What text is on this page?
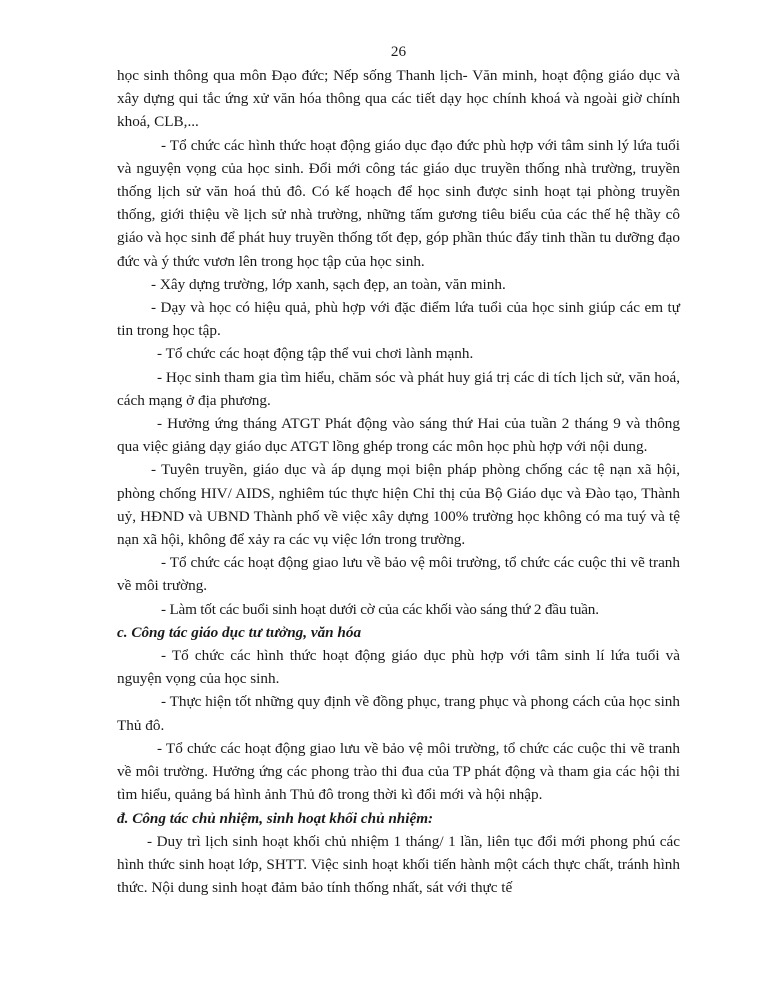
26

học sinh thông qua môn Đạo đức; Nếp sống Thanh lịch- Văn minh, hoạt động giáo dục và xây dựng qui tắc ứng xử văn hóa thông qua các tiết dạy học chính khoá và ngoài giờ chính khoá, CLB,...

- Tổ chức các hình thức hoạt động giáo dục đạo đức phù hợp với tâm sinh lý lứa tuổi và nguyện vọng của học sinh. Đổi mới công tác giáo dục truyền thống nhà trường, truyền thống lịch sử văn hoá thủ đô. Có kế hoạch để học sinh được sinh hoạt tại phòng truyền thống, giới thiệu về lịch sử nhà trường, những tấm gương tiêu biểu của các thế hệ thầy cô giáo và học sinh để phát huy truyền thống tốt đẹp, góp phần thúc đẩy tinh thần tu dưỡng đạo đức và ý thức vươn lên trong học tập của học sinh.

- Xây dựng trường, lớp xanh, sạch đẹp, an toàn, văn minh.

- Dạy và học có hiệu quả, phù hợp với đặc điểm lứa tuổi của học sinh giúp các em tự tin trong học tập.

- Tổ chức các hoạt động tập thể vui chơi lành mạnh.

- Học sinh tham gia tìm hiểu, chăm sóc và phát huy giá trị các di tích lịch sử, văn hoá, cách mạng ở địa phương.

- Hưởng ứng tháng ATGT Phát động vào sáng thứ Hai của tuần 2 tháng 9 và thông qua việc giảng dạy giáo dục ATGT lồng ghép trong các môn học phù hợp với nội dung.

- Tuyên truyền, giáo dục và áp dụng mọi biện pháp phòng chống các tệ nạn xã hội, phòng chống HIV/ AIDS, nghiêm túc thực hiện Chỉ thị của Bộ Giáo dục và Đào tạo, Thành uỷ, HĐND và UBND Thành phố về việc xây dựng 100% trường học không có ma tuý và tệ nạn xã hội, không để xảy ra các vụ việc lớn trong trường.

- Tổ chức các hoạt động giao lưu về bảo vệ môi trường, tổ chức các cuộc thi vẽ tranh về môi trường.

- Làm tốt các buổi sinh hoạt dưới cờ của các khối vào sáng thứ 2 đầu tuần.

c. Công tác giáo dục tư tưởng, văn hóa

- Tổ chức các hình thức hoạt động giáo dục phù hợp với tâm sinh lí lứa tuổi và nguyện vọng của học sinh.

- Thực hiện tốt những quy định về đồng phục, trang phục và phong cách của học sinh Thủ đô.

- Tổ chức các hoạt động giao lưu về bảo vệ môi trường, tổ chức các cuộc thi vẽ tranh về môi trường. Hưởng ứng các phong trào thi đua của TP phát động và tham gia các hội thi tìm hiểu, quảng bá hình ảnh Thủ đô trong thời kì đổi mới và hội nhập.

đ. Công tác chủ nhiệm, sinh hoạt khối chủ nhiệm:

- Duy trì lịch sinh hoạt khối chủ nhiệm 1 tháng/ 1 lần, liên tục đổi mới phong phú các hình thức sinh hoạt lớp, SHTT. Việc sinh hoạt khối tiến hành một cách thực chất, tránh hình thức. Nội dung sinh hoạt đảm bảo tính thống nhất, sát với thực tế
